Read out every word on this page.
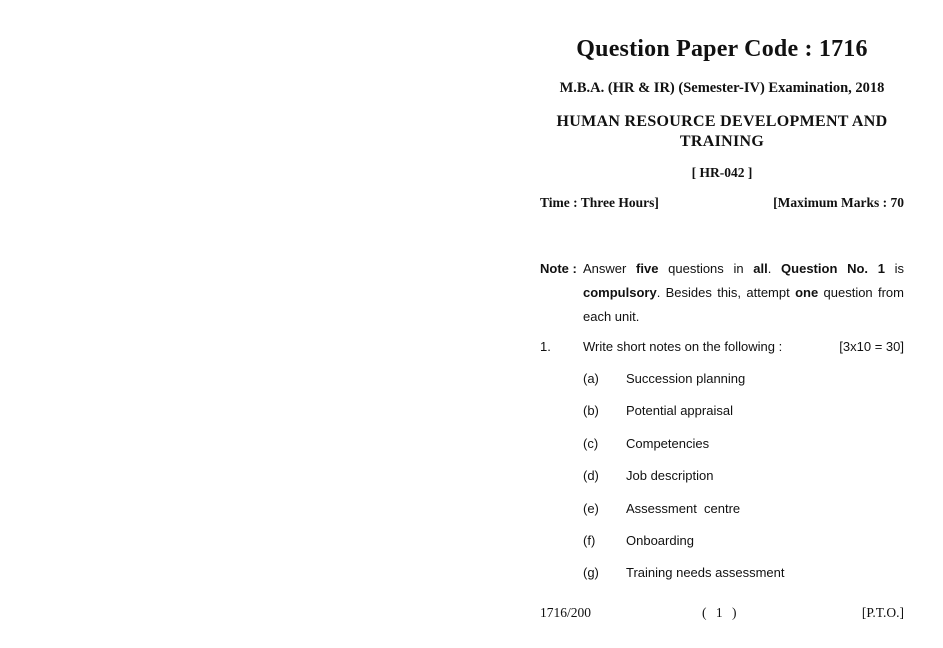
Question Paper Code : 1716
M.B.A. (HR & IR) (Semester-IV) Examination, 2018
HUMAN RESOURCE DEVELOPMENT AND
TRAINING
[ HR-042 ]
Time : Three Hours]	[Maximum Marks : 70
Note : Answer five questions in all. Question No. 1 is compulsory. Besides this, attempt one question from each unit.
1. Write short notes on the following :	[3x10 = 30]
(a) Succession planning
(b) Potential appraisal
(c) Competencies
(d) Job description
(e) Assessment  centre
(f) Onboarding
(g) Training needs assessment
1716/200	( 1 )	[P.T.O.]
